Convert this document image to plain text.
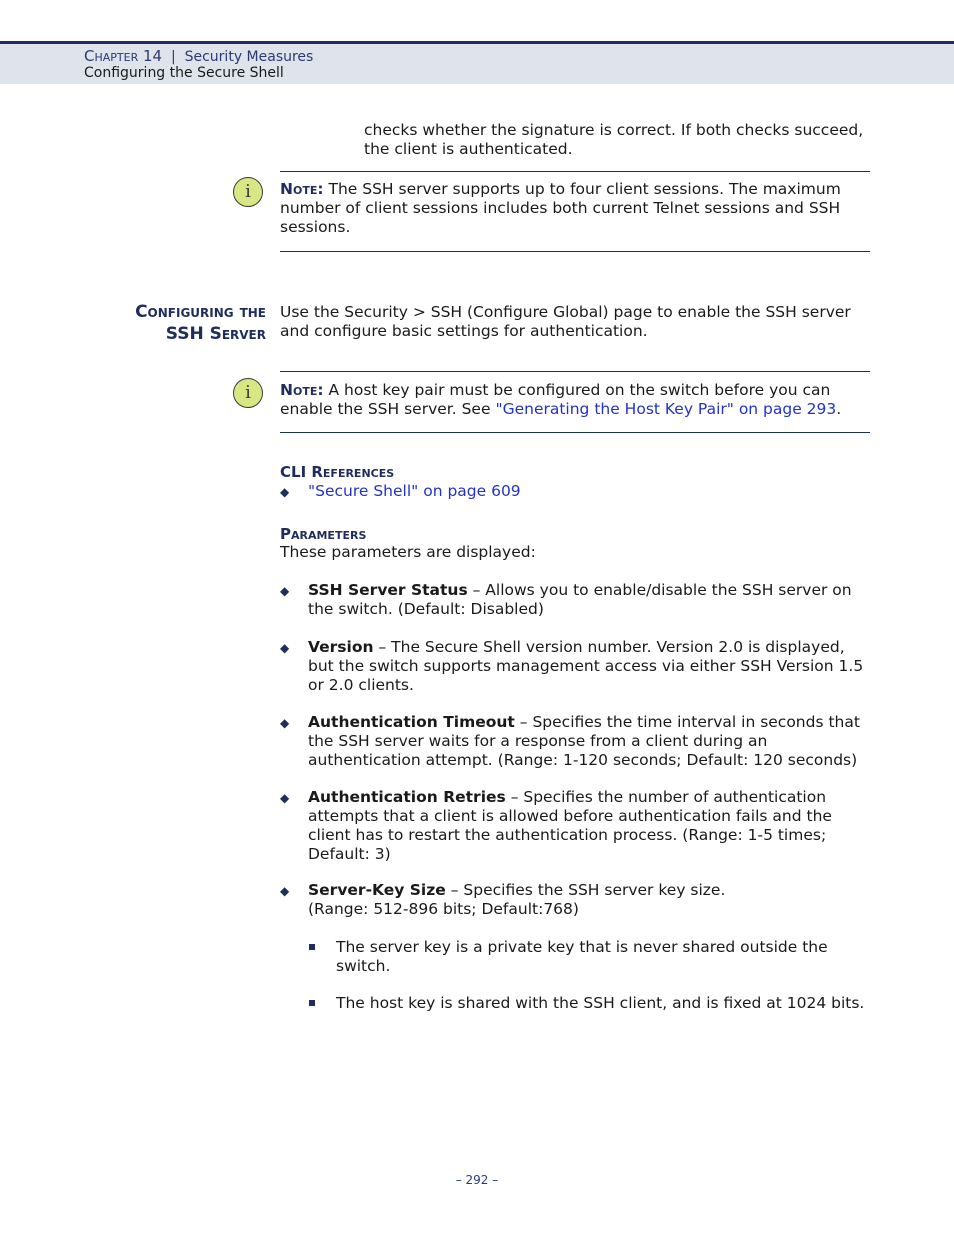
Chapter 14 | Security Measures
Configuring the Secure Shell
checks whether the signature is correct. If both checks succeed, the client is authenticated.
i	Note: The SSH server supports up to four client sessions. The maximum number of client sessions includes both current Telnet sessions and SSH sessions.
Configuring the
SSH Server
Use the Security > SSH (Configure Global) page to enable the SSH server and configure basic settings for authentication.
i	Note: A host key pair must be configured on the switch before you can enable the SSH server. See "Generating the Host Key Pair" on page 293.
CLI References
◆ "Secure Shell" on page 609
Parameters
These parameters are displayed:
◆ SSH Server Status – Allows you to enable/disable the SSH server on the switch. (Default: Disabled)
◆ Version – The Secure Shell version number. Version 2.0 is displayed, but the switch supports management access via either SSH Version 1.5 or 2.0 clients.
◆ Authentication Timeout – Specifies the time interval in seconds that the SSH server waits for a response from a client during an authentication attempt. (Range: 1-120 seconds; Default: 120 seconds)
◆ Authentication Retries – Specifies the number of authentication attempts that a client is allowed before authentication fails and the client has to restart the authentication process. (Range: 1-5 times; Default: 3)
◆ Server-Key Size – Specifies the SSH server key size.
(Range: 512-896 bits; Default:768)
The server key is a private key that is never shared outside the switch.
The host key is shared with the SSH client, and is fixed at 1024 bits.
– 292 –
